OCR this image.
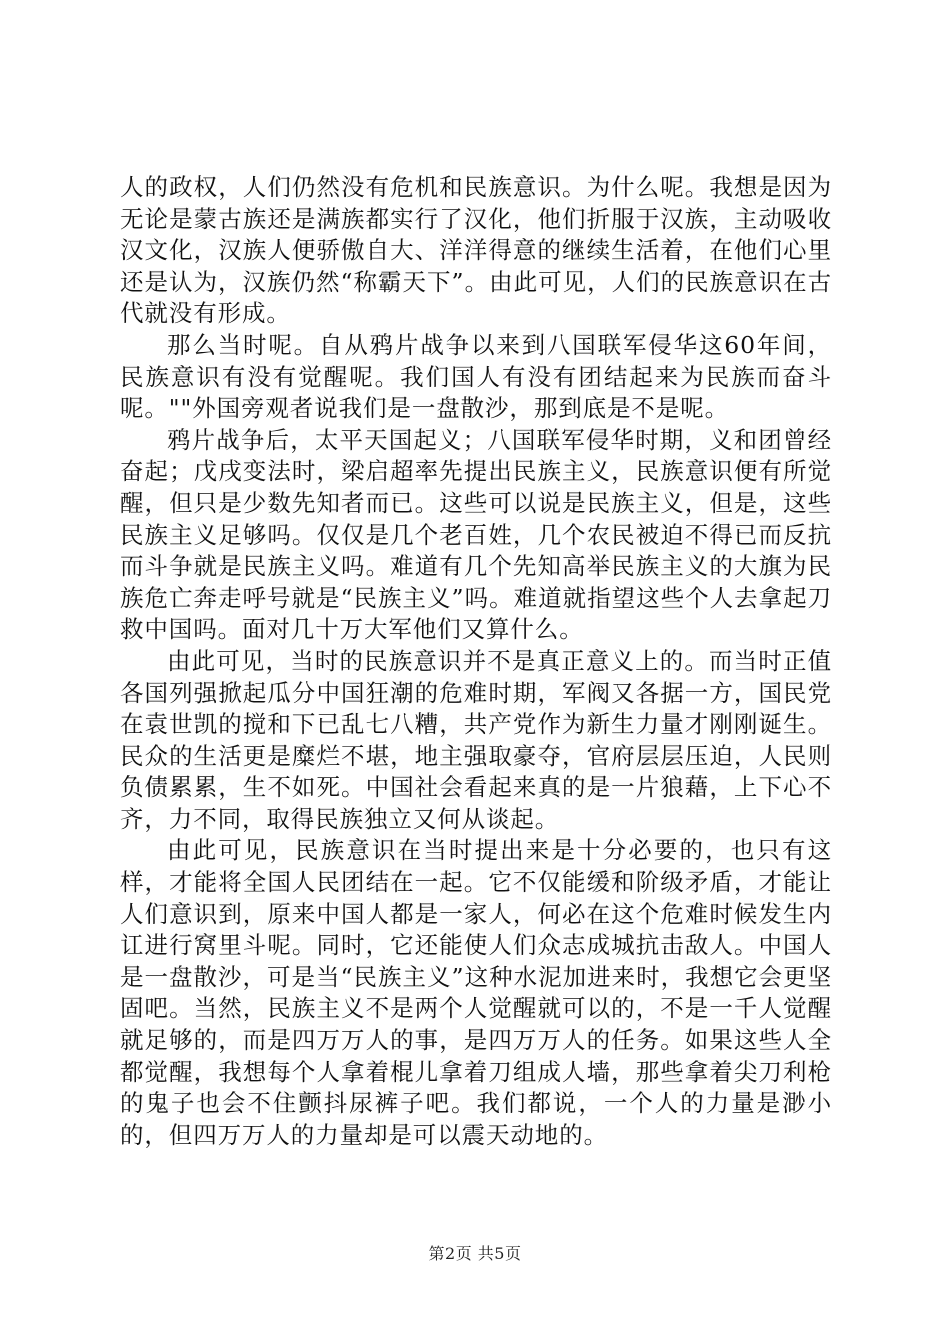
人的政权，人们仍然没有危机和民族意识。为什么呢。我想是因为无论是蒙古族还是满族都实行了汉化，他们折服于汉族，主动吸收汉文化，汉族人便骄傲自大、洋洋得意的继续生活着，在他们心里还是认为，汉族仍然“称霸天下”。由此可见，人们的民族意识在古代就没有形成。

那么当时呢。自从鸦片战争以来到八国联军侵华这60年间，民族意识有没有觉醒呢。我们国人有没有团结起来为民族而奋斗呢。""外国旁观者说我们是一盘散沙，那到底是不是呢。

鸦片战争后，太平天国起义；八国联军侵华时期，义和团曾经奋起；戊戌变法时，梁启超率先提出民族主义，民族意识便有所觉醒，但只是少数先知者而已。这些可以说是民族主义，但是，这些民族主义足够吗。仅仅是几个老百姓，几个农民被迫不得已而反抗而斗争就是民族主义吗。难道有几个先知高举民族主义的大旗为民族危亡奔走呼号就是“民族主义”吗。难道就指望这些个人去拿起刀救中国吗。面对几十万大军他们又算什么。

由此可见，当时的民族意识并不是真正意义上的。而当时正值各国列强掀起瓜分中国狂潮的危难时期，军阀又各据一方，国民党在袁世凯的搅和下已乱七八糟，共产党作为新生力量才刚刚诞生。民众的生活更是糜烂不堪，地主强取豪夺，官府层层压迫，人民则负债累累，生不如死。中国社会看起来真的是一片狼藉，上下心不齐，力不同，取得民族独立又何从谈起。

由此可见，民族意识在当时提出来是十分必要的，也只有这样，才能将全国人民团结在一起。它不仅能缓和阶级矛盾，才能让人们意识到，原来中国人都是一家人，何必在这个危难时候发生内讧进行窝里斗呢。同时，它还能使人们众志成城抗击敌人。中国人是一盘散沙，可是当“民族主义”这种水泥加进来时，我想它会更坚固吧。当然，民族主义不是两个人觉醒就可以的，不是一千人觉醒就足够的，而是四万万人的事，是四万万人的任务。如果这些人全都觉醒，我想每个人拿着棍儿拿着刀组成人墙，那些拿着尖刀利枪的鬼子也会不住颤抖尿裤子吧。我们都说，一个人的力量是渺小的，但四万万人的力量却是可以震天动地的。

第2页 共5页
